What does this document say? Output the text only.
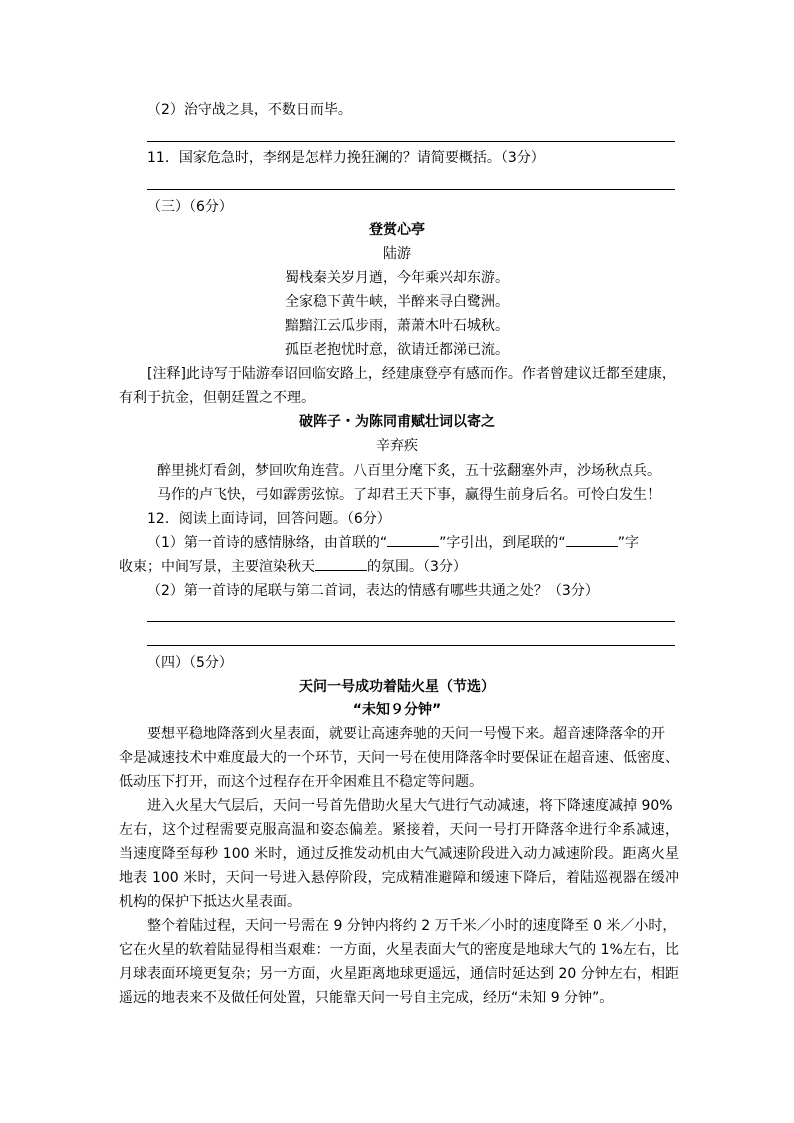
（2）治守战之具，不数日而毕。
11．国家危急时，李纲是怎样力挽狂澜的？请简要概括。（3分）
（三）（6分）
登赏心亭
陆游
蜀栈秦关岁月遒，今年乘兴却东游。
全家稳下黄牛峡，半醉来寻白鹭洲。
黯黯江云瓜步雨，萧萧木叶石城秋。
孤臣老抱忧时意，欲请迁都涕已流。
[注释]此诗写于陆游奉诏回临安路上，经建康登亭有感而作。作者曾建议迁都至建康，
有利于抗金，但朝廷置之不理。
破阵子・为陈同甫赋壮词以寄之
辛弃疾
醉里挑灯看剑，梦回吹角连营。八百里分麾下炙，五十弦翻塞外声，沙场秋点兵。
马作的卢飞快，弓如霹雳弦惊。了却君王天下事，赢得生前身后名。可怜白发生！
12．阅读上面诗词，回答问题。（6分）
（1）第一首诗的感情脉络，由首联的“	”字引出，到尾联的“	”字
收束；中间写景，主要渲染秋天	的氛围。（3分）
（2）第一首诗的尾联与第二首词，表达的情感有哪些共通之处？（3分）
（四）（5分）
天问一号成功着陆火星（节选）
“未知９分钟”
要想平稳地降落到火星表面，就要让高速奔驰的天问一号慢下来。超音速降落伞的开
伞是减速技术中难度最大的一个环节，天问一号在使用降落伞时要保证在超音速、低密度、
低动压下打开，而这个过程存在开伞困难且不稳定等问题。
进入火星大气层后，天问一号首先借助火星大气进行气动减速，将下降速度减掉 90%
左右，这个过程需要克服高温和姿态偏差。紧接着，天问一号打开降落伞进行伞系减速，
当速度降至每秒 100 米时，通过反推发动机由大气减速阶段进入动力减速阶段。距离火星
地表 100 米时，天问一号进入悬停阶段，完成精准避障和缓速下降后，着陆巡视器在缓冲
机构的保护下抵达火星表面。
整个着陆过程，天问一号需在 9 分钟内将约 2 万千米／小时的速度降至 0 米／小时，
它在火星的软着陆显得相当艰难：一方面，火星表面大气的密度是地球大气的 1%左右，比
月球表面环境更复杂；另一方面，火星距离地球更遥远，通信时延达到 20 分钟左右，相距
遥远的地表来不及做任何处置，只能靠天问一号自主完成，经历“未知 9 分钟”。
